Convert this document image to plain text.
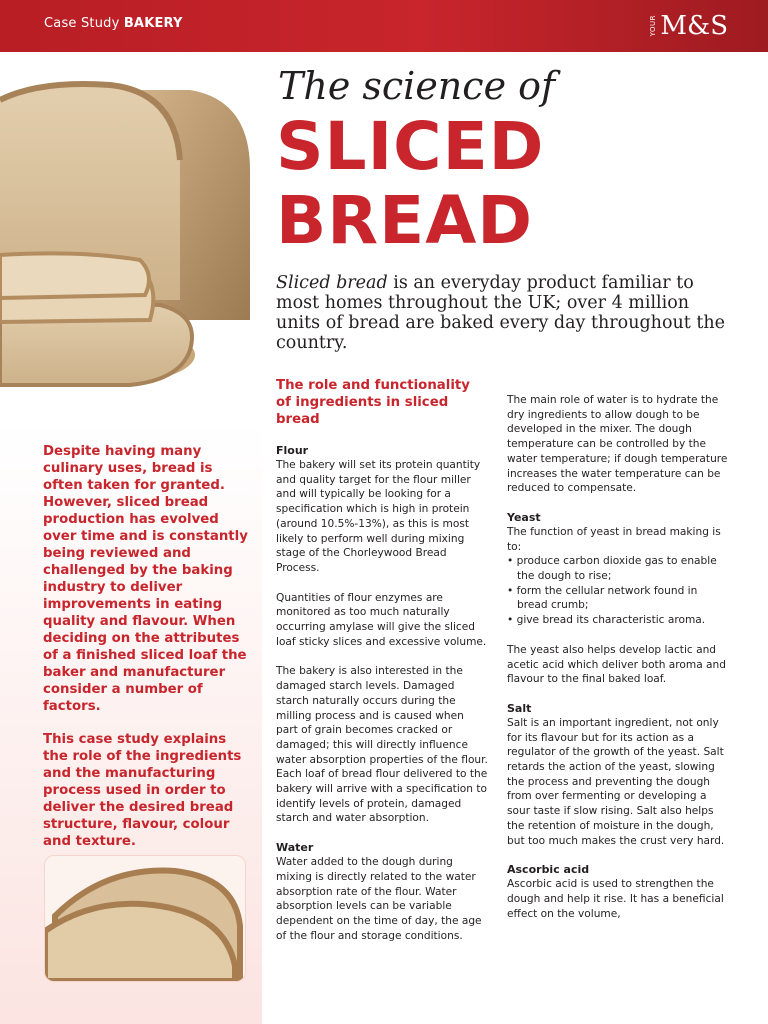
Case Study BAKERY	YOUR M&S

Despite having many culinary uses, bread is often taken for granted. However, sliced bread production has evolved over time and is constantly being reviewed and challenged by the baking industry to deliver improvements in eating quality and flavour. When deciding on the attributes of a finished sliced loaf the baker and manufacturer consider a number of factors.

This case study explains the role of the ingredients and the manufacturing process used in order to deliver the desired bread structure, flavour, colour and texture.

The science of
SLICED
BREAD
Sliced bread is an everyday product familiar to most homes throughout the UK; over 4 million units of bread are baked every day throughout the country.
The role and functionality of ingredients in sliced bread
Flour

The bakery will set its protein quantity and quality target for the flour miller and will typically be looking for a specification which is high in protein (around 10.5%-13%), as this is most likely to perform well during mixing stage of the Chorleywood Bread Process.

Quantities of flour enzymes are monitored as too much naturally occurring amylase will give the sliced loaf sticky slices and excessive volume.

The bakery is also interested in the damaged starch levels. Damaged starch naturally occurs during the milling process and is caused when part of grain becomes cracked or damaged; this will directly influence water absorption properties of the flour. Each loaf of bread flour delivered to the bakery will arrive with a specification to identify levels of protein, damaged starch and water absorption.

Water

Water added to the dough during mixing is directly related to the water absorption rate of the flour. Water absorption levels can be variable dependent on the time of day, the age of the flour and storage conditions.

The main role of water is to hydrate the dry ingredients to allow dough to be developed in the mixer. The dough temperature can be controlled by the water temperature; if dough temperature increases the water temperature can be reduced to compensate.

Yeast

The function of yeast in bread making is to:

• produce carbon dioxide gas to enable the dough to rise;
• form the cellular network found in bread crumb;
• give bread its characteristic aroma.

The yeast also helps develop lactic and acetic acid which deliver both aroma and flavour to the final baked loaf.

Salt

Salt is an important ingredient, not only for its flavour but for its action as a regulator of the growth of the yeast. Salt retards the action of the yeast, slowing the process and preventing the dough from over fermenting or developing a sour taste if slow rising. Salt also helps the retention of moisture in the dough, but too much makes the crust very hard.

Ascorbic acid

Ascorbic acid is used to strengthen the dough and help it rise. It has a beneficial effect on the volume,
